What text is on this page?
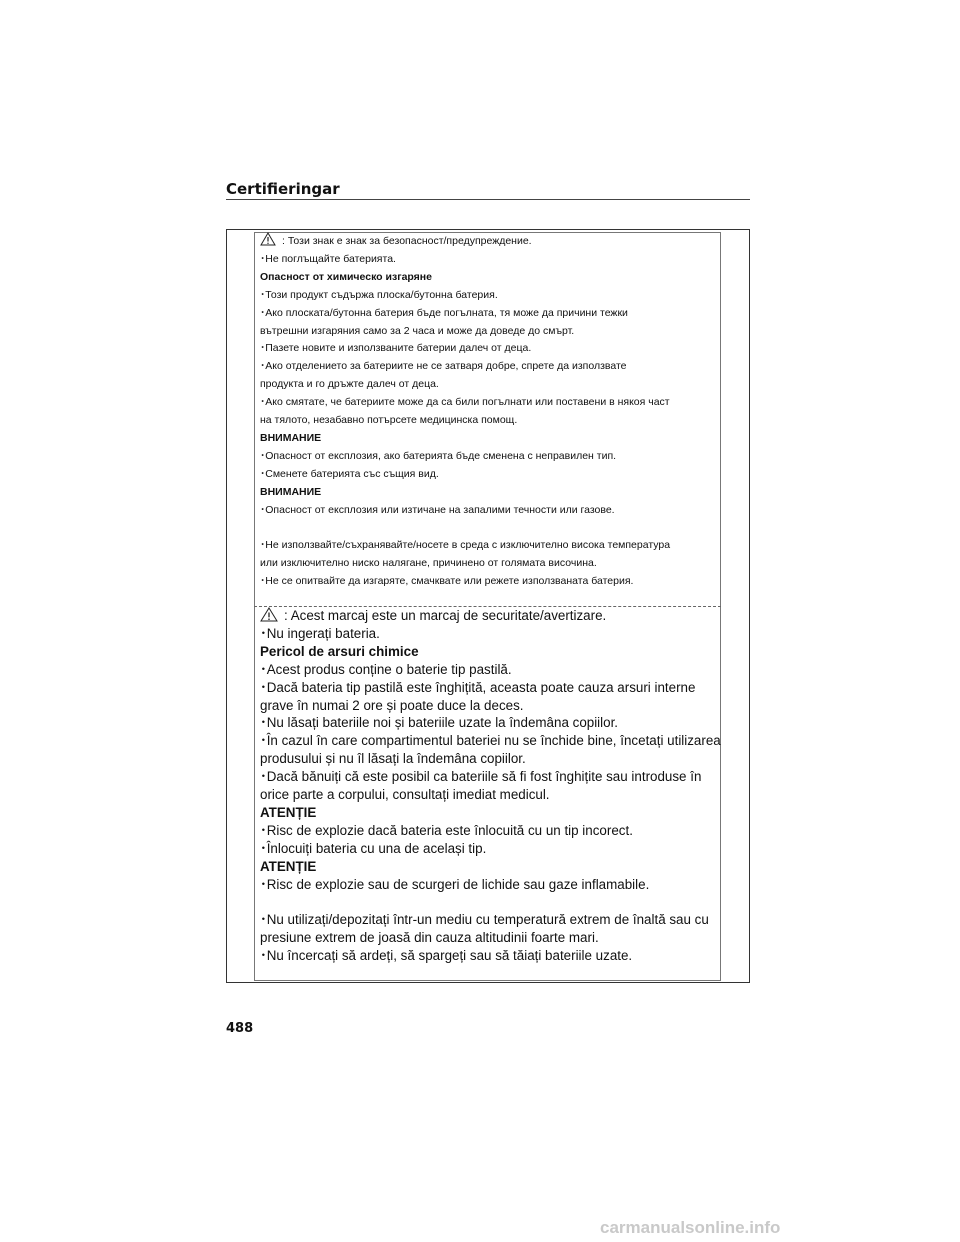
Certifieringar
: Този знак е знак за безопасност/предупреждение.
･Не поглъщайте батерията.
Опасност от химическо изгаряне
･Този продукт съдържа плоска/бутонна батерия.
･Ако плоската/бутонна батерия бъде погълната, тя може да причини тежки
вътрешни изгаряния само за 2 часа и може да доведе до смърт.
･Пазете новите и използваните батерии далеч от деца.
･Ако отделението за батериите не се затваря добре, спрете да използвате
продукта и го дръжте далеч от деца.
･Ако смятате, че батериите може да са били погълнати или поставени в някоя част
на тялото, незабавно потърсете медицинска помощ.
ВНИМАНИЕ
･Опасност от експлозия, ако батерията бъде сменена с неправилен тип.
･Сменете батерията със същия вид.
ВНИМАНИЕ
･Опасност от експлозия или изтичане на запалими течности или газове.
･Не използвайте/съхранявайте/носете в среда с изключително висока температура
или изключително ниско налягане, причинено от голямата височина.
･Не се опитвайте да изгаряте, смачквате или режете използваната батерия.
: Acest marcaj este un marcaj de securitate/avertizare.
･Nu ingerați bateria.
Pericol de arsuri chimice
･Acest produs conține o baterie tip pastilă.
･Dacă bateria tip pastilă este înghițită, aceasta poate cauza arsuri interne
grave în numai 2 ore și poate duce la deces.
･Nu lăsați bateriile noi și bateriile uzate la îndemâna copiilor.
･În cazul în care compartimentul bateriei nu se închide bine, încetați utilizarea
produsului și nu îl lăsați la îndemâna copiilor.
･Dacă bănuiți că este posibil ca bateriile să fi fost înghițite sau introduse în
orice parte a corpului, consultați imediat medicul.
ATENȚIE
･Risc de explozie dacă bateria este înlocuită cu un tip incorect.
･Înlocuiți bateria cu una de același tip.
ATENȚIE
･Risc de explozie sau de scurgeri de lichide sau gaze inflamabile.
･Nu utilizați/depozitați într-un mediu cu temperatură extrem de înaltă sau cu
presiune extrem de joasă din cauza altitudinii foarte mari.
･Nu încercați să ardeți, să spargeți sau să tăiați bateriile uzate.
488
carmanualsonline.info
